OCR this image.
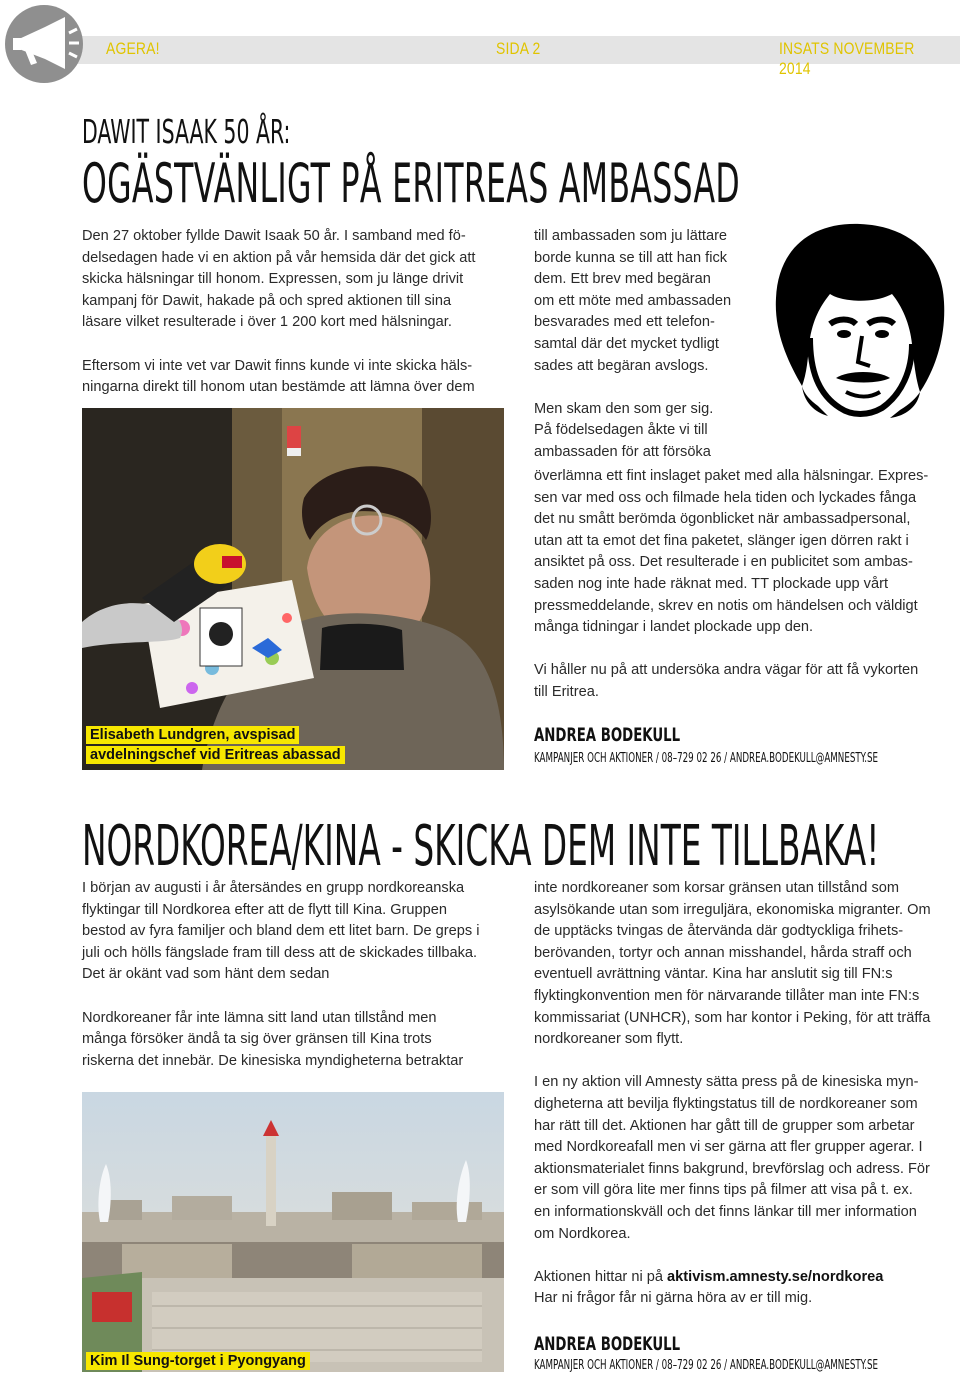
AGERA!	SIDA 2	INSATS NOVEMBER 2014
DAWIT ISAAK 50 ÅR:
OGÄSTVÄNLIGT PÅ ERITREAS AMBASSAD
Den 27 oktober fyllde Dawit Isaak 50 år. I samband med fö-
delsedagen hade vi en aktion på vår hemsida där det gick att
skicka hälsningar till honom. Expressen, som ju länge drivit
kampanj för Dawit, hakade på och spred aktionen till sina
läsare vilket resulterade i över 1 200 kort med hälsningar.
Eftersom vi inte vet var Dawit finns kunde vi inte skicka häls-
ningarna direkt till honom utan bestämde att lämna över dem
till ambassaden som ju lättare
borde kunna se till att han fick
dem. Ett brev med begäran
om ett möte med ambassaden
besvarades med ett telefon-
samtal där det mycket tydligt
sades att begäran avslogs.
Men skam den som ger sig.
På födelsedagen åkte vi till
ambassaden för att försöka
överlämna ett fint inslaget paket med alla hälsningar. Expres-
sen var med oss och filmade hela tiden och lyckades fånga
det nu smått berömda ögonblicket när ambassadpersonal,
utan att ta emot det fina paketet, slänger igen dörren rakt i
ansiktet på oss. Det resulterade i en publicitet som ambas-
saden nog inte hade räknat med. TT plockade upp vårt
pressmeddelande, skrev en notis om händelsen och väldigt
många tidningar i landet plockade upp den.
Vi håller nu på att undersöka andra vägar för att få vykorten
till Eritrea.
Elisabeth Lundgren, avspisad
avdelningschef vid Eritreas abassad
ANDREA BODEKULL
KAMPANJER OCH AKTIONER / 08–729 02 26 / ANDREA.BODEKULL@AMNESTY.SE
NORDKOREA/KINA - SKICKA DEM INTE TILLBAKA!
I början av augusti i år återsändes en grupp nordkoreanska
flyktingar till Nordkorea efter att de flytt till Kina. Gruppen
bestod av fyra familjer och bland dem ett litet barn. De greps i
juli och hölls fängslade fram till dess att de skickades tillbaka.
Det är okänt vad som hänt dem sedan
Nordkoreaner får inte lämna sitt land utan tillstånd men
många försöker ändå ta sig över gränsen till Kina trots
riskerna det innebär. De kinesiska myndigheterna betraktar
inte nordkoreaner som korsar gränsen utan tillstånd som
asylsökande utan som irreguljära, ekonomiska migranter. Om
de upptäcks tvingas de återvända där godtyckliga frihets-
berövanden, tortyr och annan misshandel, hårda straff och
eventuell avrättning väntar. Kina har anslutit sig till FN:s
flyktingkonvention men för närvarande tillåter man inte FN:s
kommissariat (UNHCR), som har kontor i Peking, för att träffa
nordkoreaner som flytt.
I en ny aktion vill Amnesty sätta press på de kinesiska myn-
digheterna att bevilja flyktingstatus till de nordkoreaner som
har rätt till det. Aktionen har gått till de grupper som arbetar
med Nordkoreafall men vi ser gärna att fler grupper agerar. I
aktionsmaterialet finns bakgrund, brevförslag och adress. För
er som vill göra lite mer finns tips på filmer att visa på t. ex.
en informationskväll och det finns länkar till mer information
om Nordkorea.
Aktionen hittar ni på aktivism.amnesty.se/nordkorea
Har ni frågor får ni gärna höra av er till mig.
Kim Il Sung-torget i Pyongyang
ANDREA BODEKULL
KAMPANJER OCH AKTIONER / 08–729 02 26 / ANDREA.BODEKULL@AMNESTY.SE
